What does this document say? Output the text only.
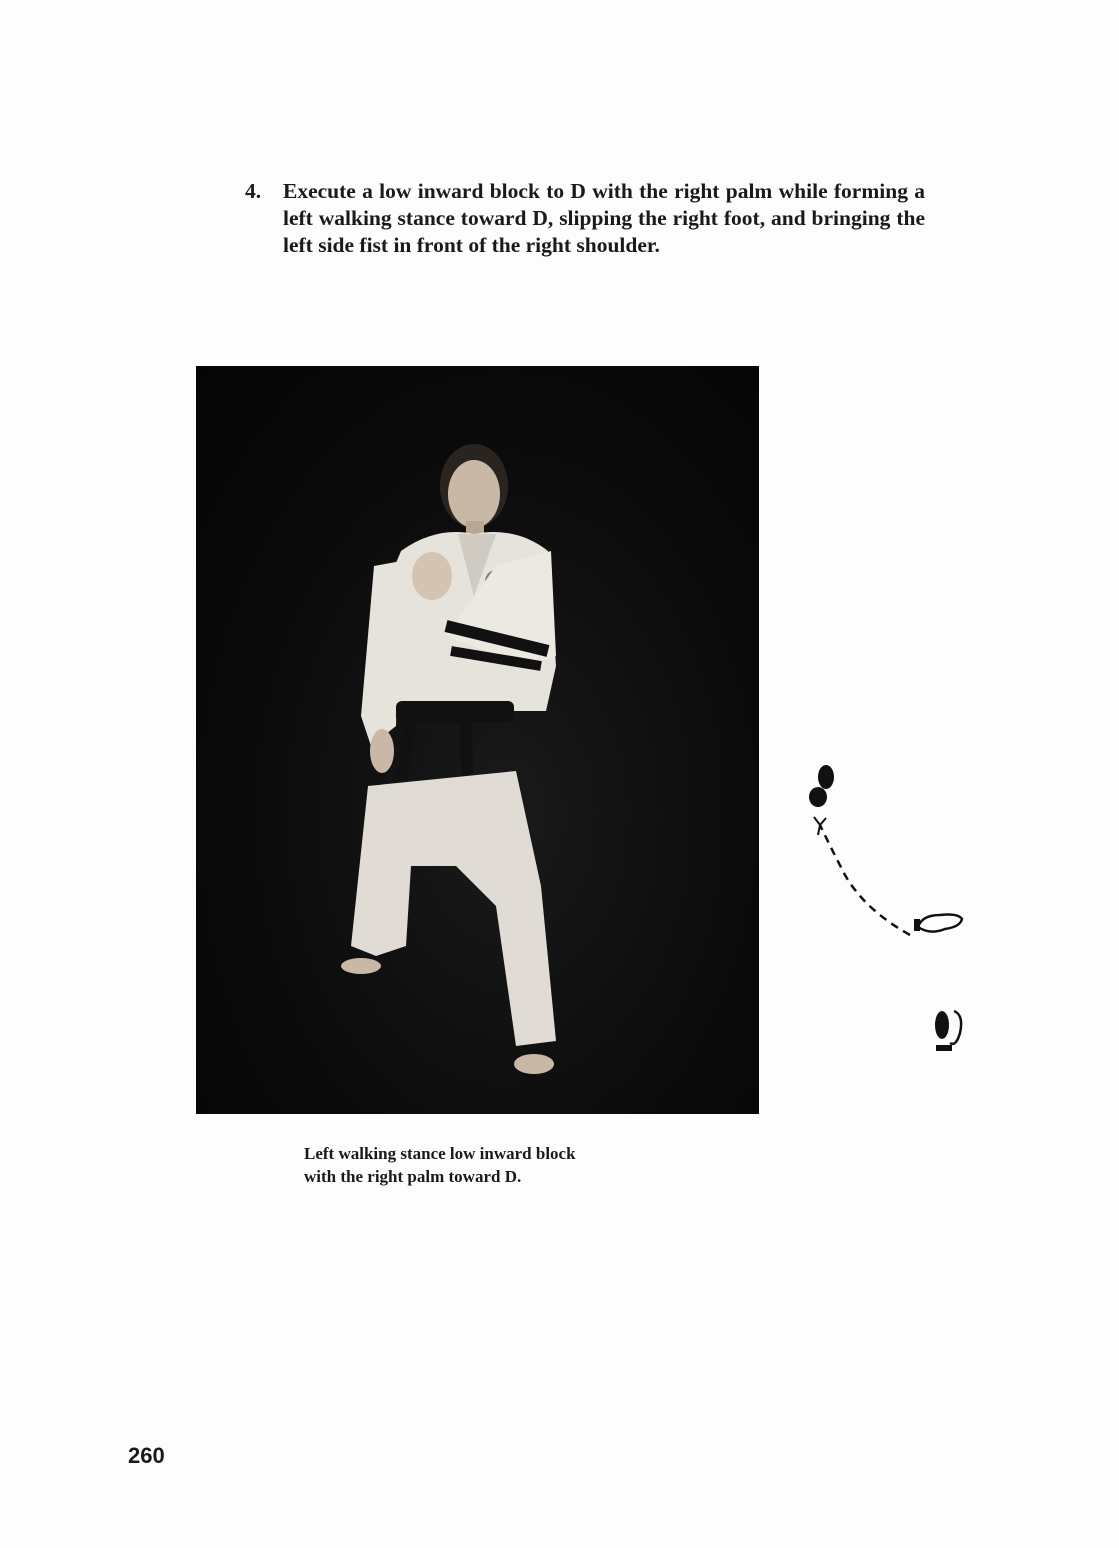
4.	Execute a low inward block to D with the right palm while forming a left walking stance toward D, slipping the right foot, and bringing the left side fist in front of the right shoulder.
Left walking stance low inward block
with the right palm toward D.
260
